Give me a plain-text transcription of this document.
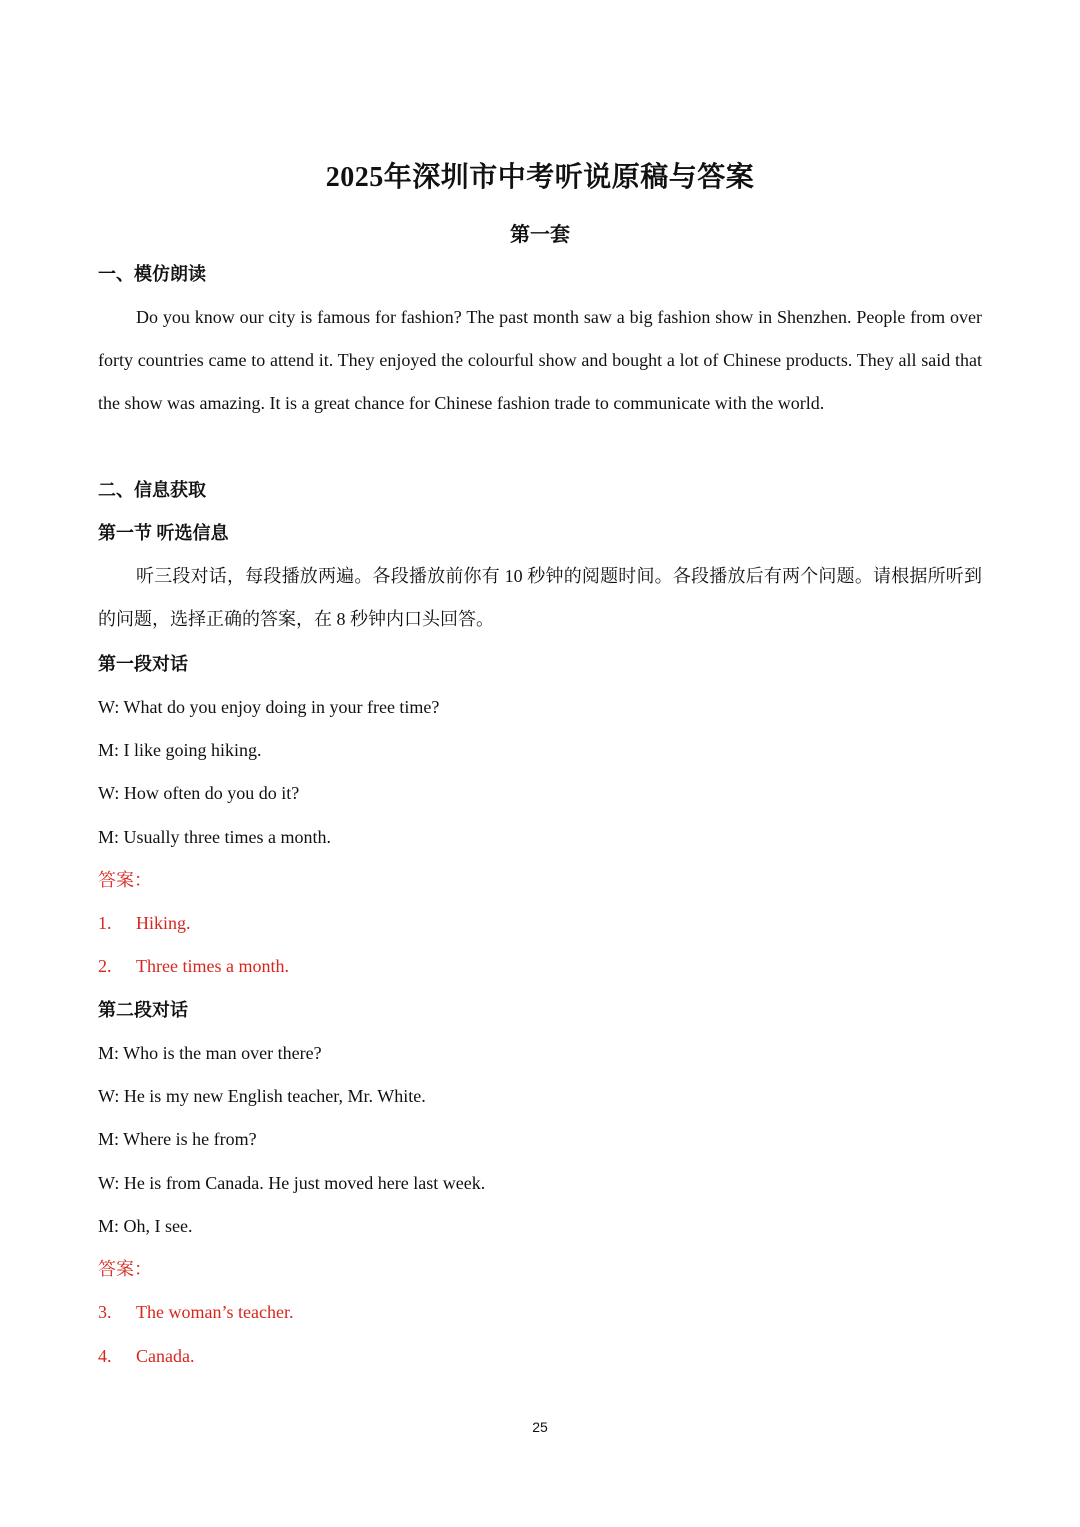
2025年深圳市中考听说原稿与答案
第一套
一、模仿朗读
Do you know our city is famous for fashion? The past month saw a big fashion show in Shenzhen. People from over forty countries came to attend it. They enjoyed the colourful show and bought a lot of Chinese products. They all said that the show was amazing. It is a great chance for Chinese fashion trade to communicate with the world.
二、信息获取
第一节 听选信息
听三段对话，每段播放两遍。各段播放前你有 10 秒钟的阅题时间。各段播放后有两个问题。请根据所听到的问题，选择正确的答案，在 8 秒钟内口头回答。
第一段对话
W: What do you enjoy doing in your free time?
M: I like going hiking.
W: How often do you do it?
M: Usually three times a month.
答案：
1. Hiking.
2. Three times a month.
第二段对话
M: Who is the man over there?
W: He is my new English teacher, Mr. White.
M: Where is he from?
W: He is from Canada. He just moved here last week.
M: Oh, I see.
答案：
3. The woman’s teacher.
4. Canada.
25
